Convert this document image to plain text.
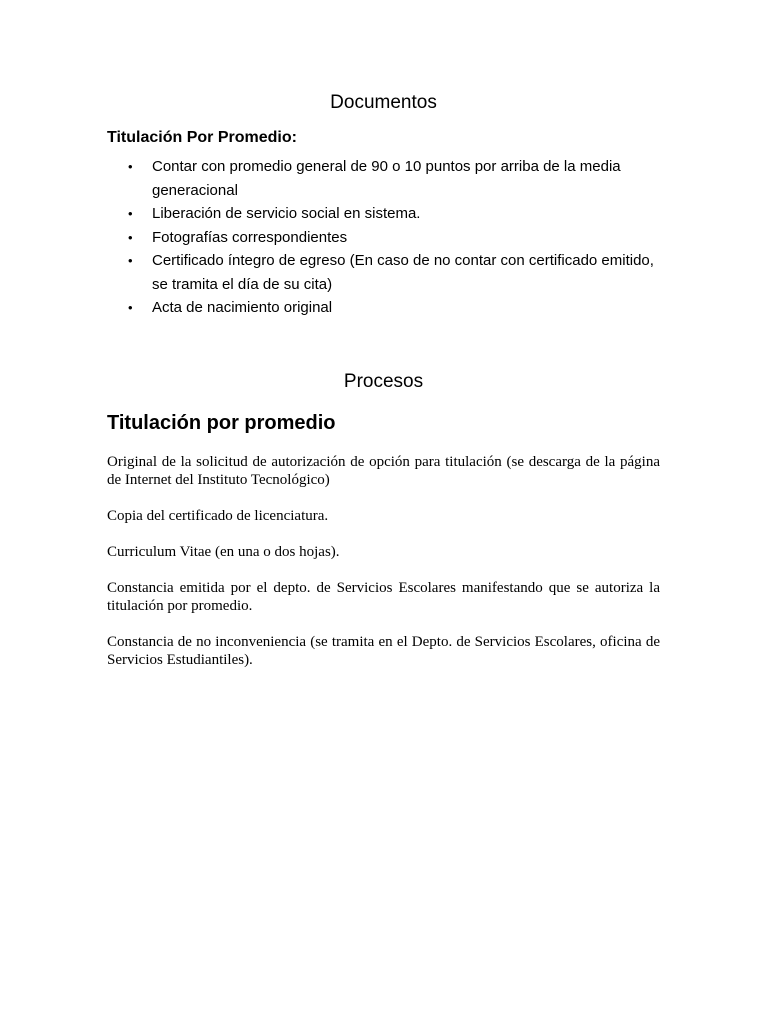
Documentos
Titulación Por Promedio:
• Contar con promedio general de 90 o 10 puntos por arriba de la media generacional
• Liberación de servicio social en sistema.
• Fotografías correspondientes
• Certificado íntegro de egreso (En caso de no contar con certificado emitido, se tramita el día de su cita)
• Acta de nacimiento original
Procesos
Titulación por promedio

Original de la solicitud de autorización de opción para titulación (se descarga de la página de Internet del Instituto Tecnológico)

Copia del certificado de licenciatura.

Curriculum Vitae (en una o dos hojas).

Constancia emitida por el depto. de Servicios Escolares manifestando que se autoriza la titulación por promedio.

Constancia de no inconveniencia (se tramita en el Depto. de Servicios Escolares, oficina de Servicios Estudiantiles).
